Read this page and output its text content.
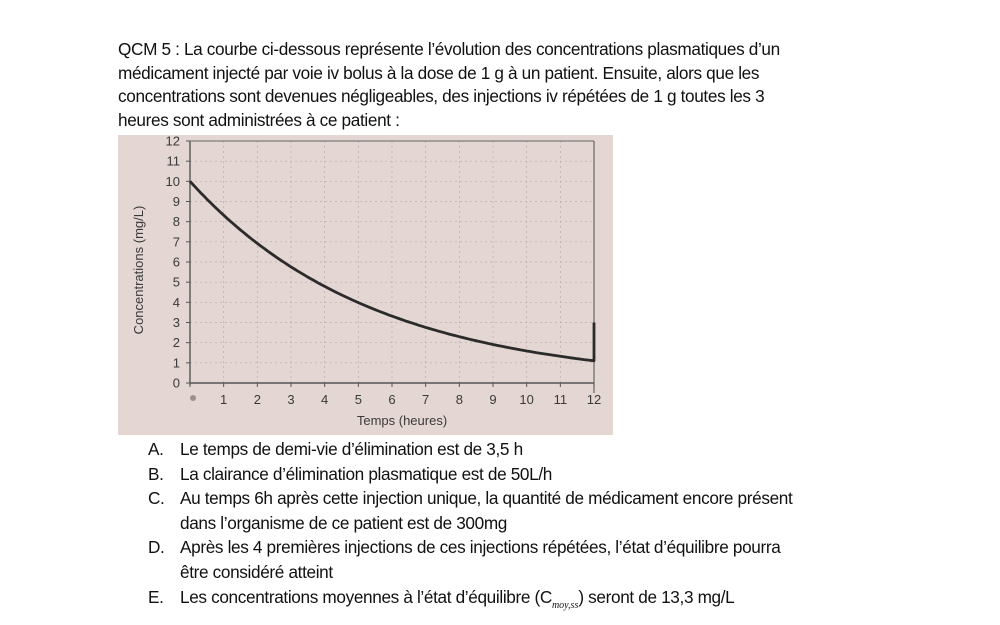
QCM 5 : La courbe ci-dessous représente l’évolution des concentrations plasmatiques d’un

médicament injecté par voie iv bolus à la dose de 1 g à un patient. Ensuite, alors que les

concentrations sont devenues négligeables, des injections iv répétées de 1 g toutes les 3

heures sont administrées à ce patient :

0
1
2
3
4
5
6
7
8
9
10
11
12
1 2 3 4 5 6 7 8 9 10 11 12
Temps (heures)
Concentrations (mg/L)
A. Le temps de demi-vie d’élimination est de 3,5 h
B. La clairance d’élimination plasmatique est de 50L/h
C. Au temps 6h après cette injection unique, la quantité de médicament encore présent
dans l’organisme de ce patient est de 300mg
D. Après les 4 premières injections de ces injections répétées, l’état d’équilibre pourra
être considéré atteint
E. Les concentrations moyennes à l’état d’équilibre $(C_{moy,ss})$ seront de 13,3 mg/L
